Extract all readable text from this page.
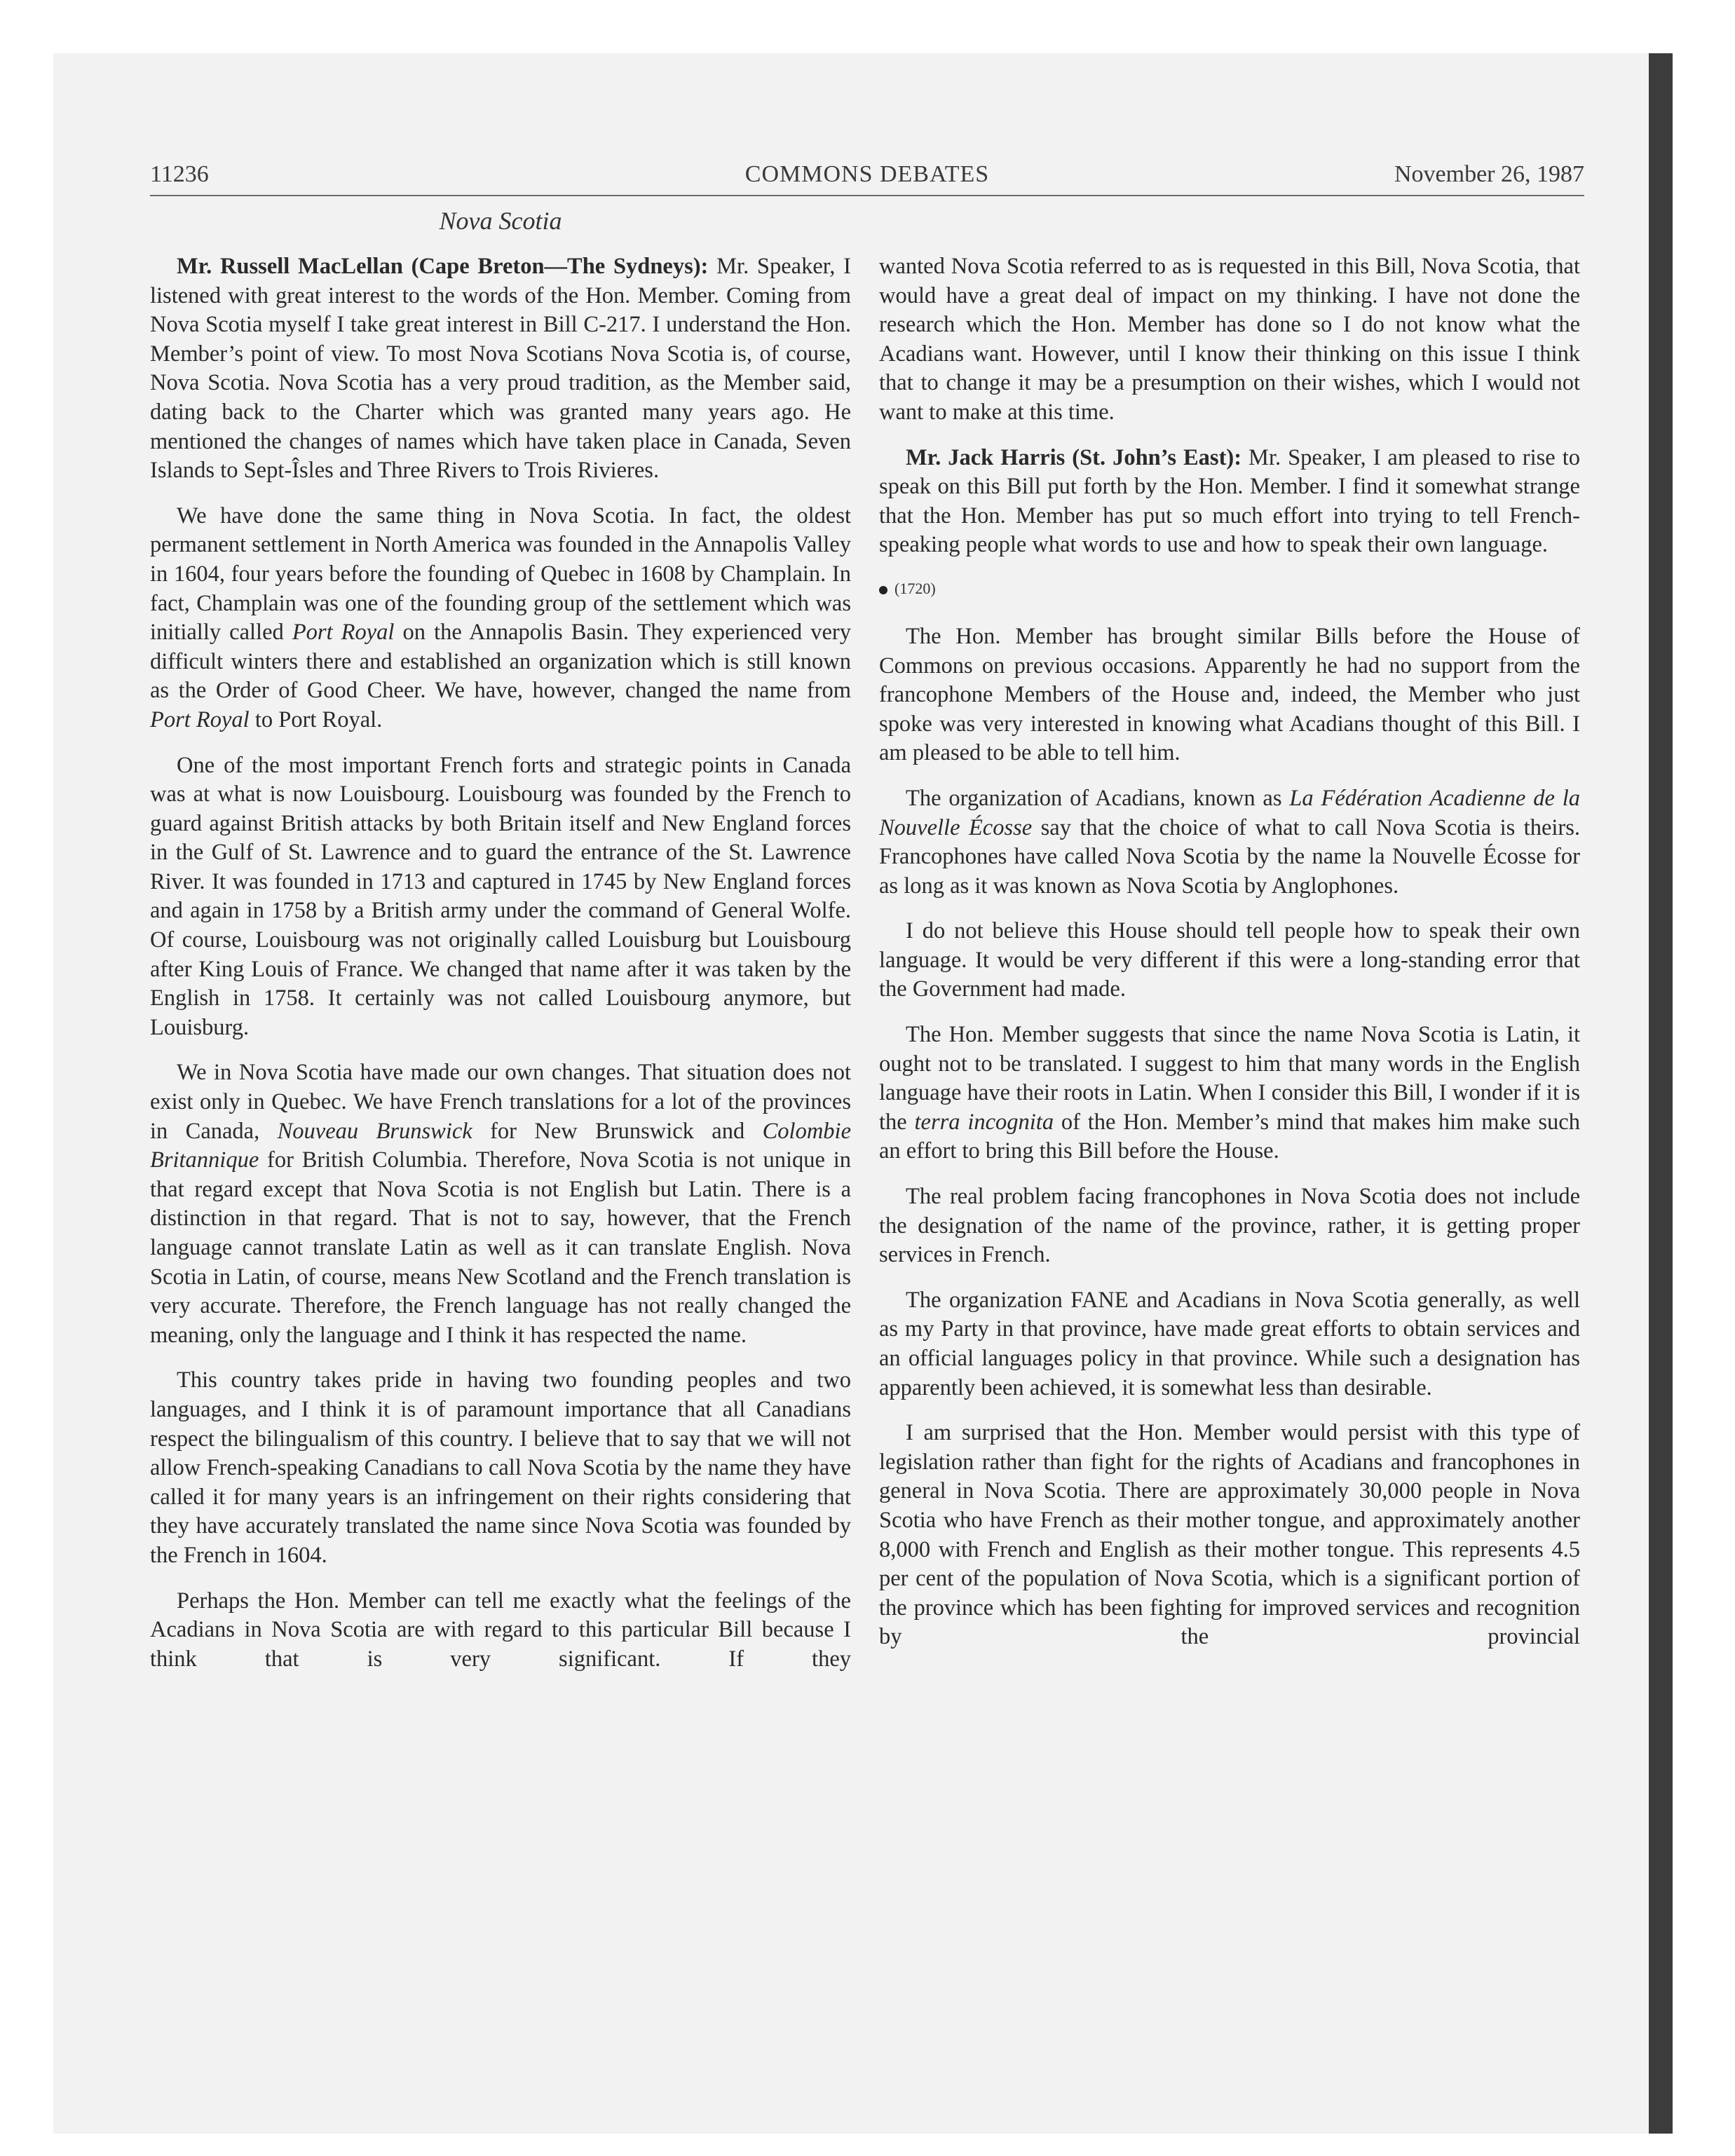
11236	COMMONS DEBATES	November 26, 1987
Nova Scotia

Mr. Russell MacLellan (Cape Breton—The Sydneys): Mr. Speaker, I listened with great interest to the words of the Hon. Member. Coming from Nova Scotia myself I take great interest in Bill C-217. I understand the Hon. Member’s point of view. To most Nova Scotians Nova Scotia is, of course, Nova Scotia. Nova Scotia has a very proud tradition, as the Member said, dating back to the Charter which was granted many years ago. He mentioned the changes of names which have taken place in Canada, Seven Islands to Sept-Îsles and Three Rivers to Trois Rivieres.

We have done the same thing in Nova Scotia. In fact, the oldest permanent settlement in North America was founded in the Annapolis Valley in 1604, four years before the founding of Quebec in 1608 by Champlain. In fact, Champlain was one of the founding group of the settlement which was initially called Port Royal on the Annapolis Basin. They experienced very difficult winters there and established an organization which is still known as the Order of Good Cheer. We have, however, changed the name from Port Royal to Port Royal.

One of the most important French forts and strategic points in Canada was at what is now Louisbourg. Louisbourg was founded by the French to guard against British attacks by both Britain itself and New England forces in the Gulf of St. Lawrence and to guard the entrance of the St. Lawrence River. It was founded in 1713 and captured in 1745 by New England forces and again in 1758 by a British army under the command of General Wolfe. Of course, Louisbourg was not originally called Louisburg but Louisbourg after King Louis of France. We changed that name after it was taken by the English in 1758. It certainly was not called Louisbourg anymore, but Louisburg.

We in Nova Scotia have made our own changes. That situation does not exist only in Quebec. We have French translations for a lot of the provinces in Canada, Nouveau Brunswick for New Brunswick and Colombie Britannique for British Columbia. Therefore, Nova Scotia is not unique in that regard except that Nova Scotia is not English but Latin. There is a distinction in that regard. That is not to say, however, that the French language cannot translate Latin as well as it can translate English. Nova Scotia in Latin, of course, means New Scotland and the French translation is very accurate. Therefore, the French language has not really changed the meaning, only the language and I think it has respected the name.

This country takes pride in having two founding peoples and two languages, and I think it is of paramount importance that all Canadians respect the bilingualism of this country. I believe that to say that we will not allow French-speaking Canadians to call Nova Scotia by the name they have called it for many years is an infringement on their rights considering that they have accurately translated the name since Nova Scotia was founded by the French in 1604.

Perhaps the Hon. Member can tell me exactly what the feelings of the Acadians in Nova Scotia are with regard to this particular Bill because I think that is very significant. If they

wanted Nova Scotia referred to as is requested in this Bill, Nova Scotia, that would have a great deal of impact on my thinking. I have not done the research which the Hon. Member has done so I do not know what the Acadians want. However, until I know their thinking on this issue I think that to change it may be a presumption on their wishes, which I would not want to make at this time.

Mr. Jack Harris (St. John’s East): Mr. Speaker, I am pleased to rise to speak on this Bill put forth by the Hon. Member. I find it somewhat strange that the Hon. Member has put so much effort into trying to tell French-speaking people what words to use and how to speak their own language.

(1720)

The Hon. Member has brought similar Bills before the House of Commons on previous occasions. Apparently he had no support from the francophone Members of the House and, indeed, the Member who just spoke was very interested in knowing what Acadians thought of this Bill. I am pleased to be able to tell him.

The organization of Acadians, known as La Fédération Acadienne de la Nouvelle Écosse say that the choice of what to call Nova Scotia is theirs. Francophones have called Nova Scotia by the name la Nouvelle Écosse for as long as it was known as Nova Scotia by Anglophones.

I do not believe this House should tell people how to speak their own language. It would be very different if this were a long-standing error that the Government had made.

The Hon. Member suggests that since the name Nova Scotia is Latin, it ought not to be translated. I suggest to him that many words in the English language have their roots in Latin. When I consider this Bill, I wonder if it is the terra incognita of the Hon. Member’s mind that makes him make such an effort to bring this Bill before the House.

The real problem facing francophones in Nova Scotia does not include the designation of the name of the province, rather, it is getting proper services in French.

The organization FANE and Acadians in Nova Scotia generally, as well as my Party in that province, have made great efforts to obtain services and an official languages policy in that province. While such a designation has apparently been achieved, it is somewhat less than desirable.

I am surprised that the Hon. Member would persist with this type of legislation rather than fight for the rights of Acadians and francophones in general in Nova Scotia. There are approximately 30,000 people in Nova Scotia who have French as their mother tongue, and approximately another 8,000 with French and English as their mother tongue. This represents 4.5 per cent of the population of Nova Scotia, which is a significant portion of the province which has been fighting for improved services and recognition by the provincial
